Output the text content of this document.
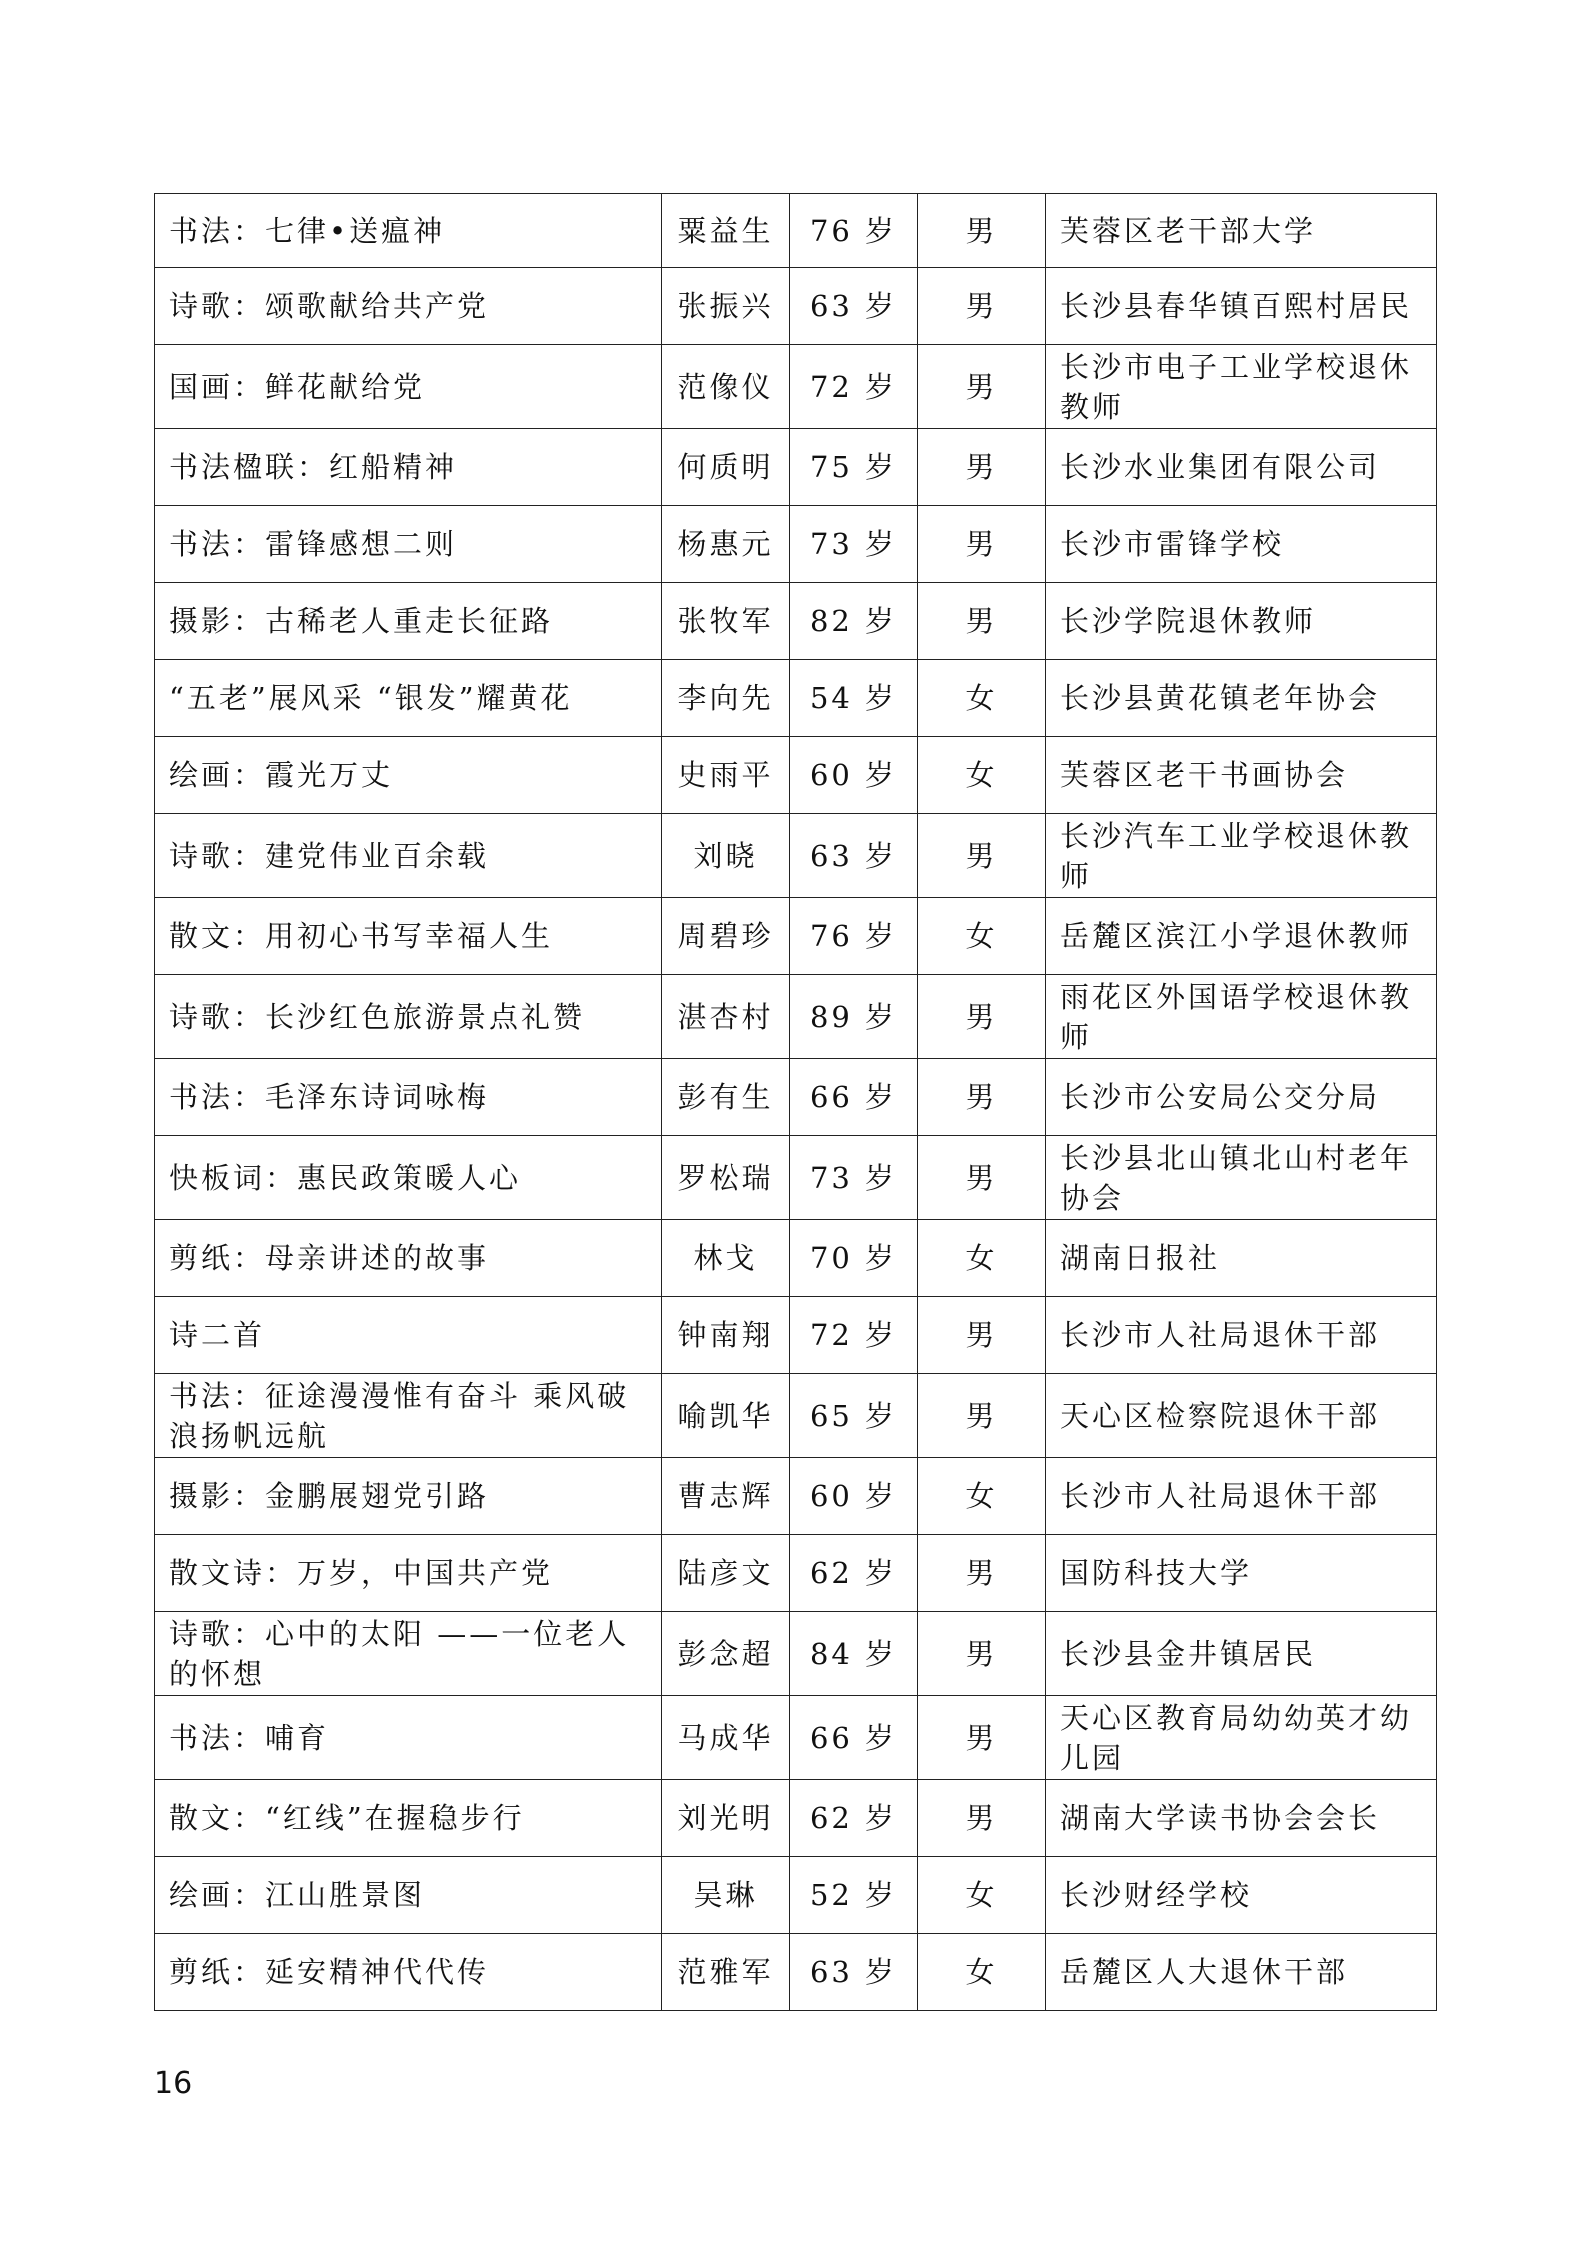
书法：七律•送瘟神	粟益生	76 岁	男	芙蓉区老干部大学
诗歌：颂歌献给共产党	张振兴	63 岁	男	长沙县春华镇百熙村居民
国画：鲜花献给党	范像仪	72 岁	男	长沙市电子工业学校退休教师
书法楹联：红船精神	何质明	75 岁	男	长沙水业集团有限公司
书法：雷锋感想二则	杨惠元	73 岁	男	长沙市雷锋学校
摄影：古稀老人重走长征路	张牧军	82 岁	男	长沙学院退休教师
“五老”展风采 “银发”耀黄花	李向先	54 岁	女	长沙县黄花镇老年协会
绘画：霞光万丈	史雨平	60 岁	女	芙蓉区老干书画协会
诗歌：建党伟业百余载	刘晓	63 岁	男	长沙汽车工业学校退休教师
散文：用初心书写幸福人生	周碧珍	76 岁	女	岳麓区滨江小学退休教师
诗歌：长沙红色旅游景点礼赞	湛杏村	89 岁	男	雨花区外国语学校退休教师
书法：毛泽东诗词咏梅	彭有生	66 岁	男	长沙市公安局公交分局
快板词：惠民政策暖人心	罗松瑞	73 岁	男	长沙县北山镇北山村老年协会
剪纸：母亲讲述的故事	林戈	70 岁	女	湖南日报社
诗二首	钟南翔	72 岁	男	长沙市人社局退休干部
书法：征途漫漫惟有奋斗 乘风破浪扬帆远航	喻凯华	65 岁	男	天心区检察院退休干部
摄影：金鹏展翅党引路	曹志辉	60 岁	女	长沙市人社局退休干部
散文诗：万岁，中国共产党	陆彦文	62 岁	男	国防科技大学
诗歌：心中的太阳 ——一位老人的怀想	彭念超	84 岁	男	长沙县金井镇居民
书法：哺育	马成华	66 岁	男	天心区教育局幼幼英才幼儿园
散文：“红线”在握稳步行	刘光明	62 岁	男	湖南大学读书协会会长
绘画：江山胜景图	吴琳	52 岁	女	长沙财经学校
剪纸：延安精神代代传	范雅军	63 岁	女	岳麓区人大退休干部
16
